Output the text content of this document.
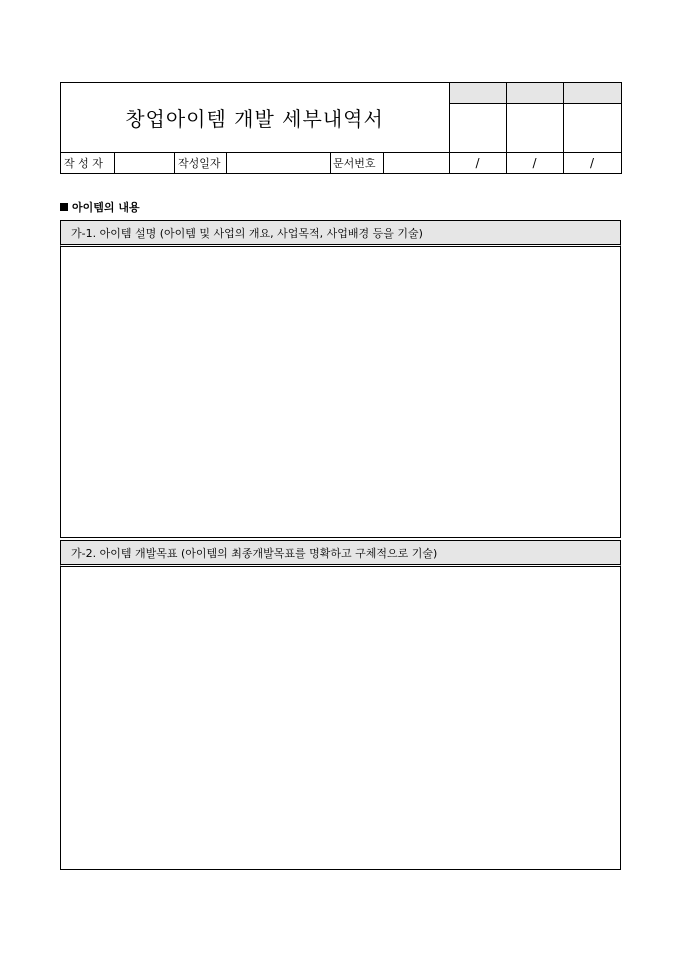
창업아이템 개발 세부내역서
작 성 자	작성일자	문서번호	/	/	/
아이템의 내용
가-1. 아이템 설명 (아이템 및 사업의 개요, 사업목적, 사업배경 등을 기술)
가-2. 아이템 개발목표 (아이템의 최종개발목표를 명확하고 구체적으로 기술)
